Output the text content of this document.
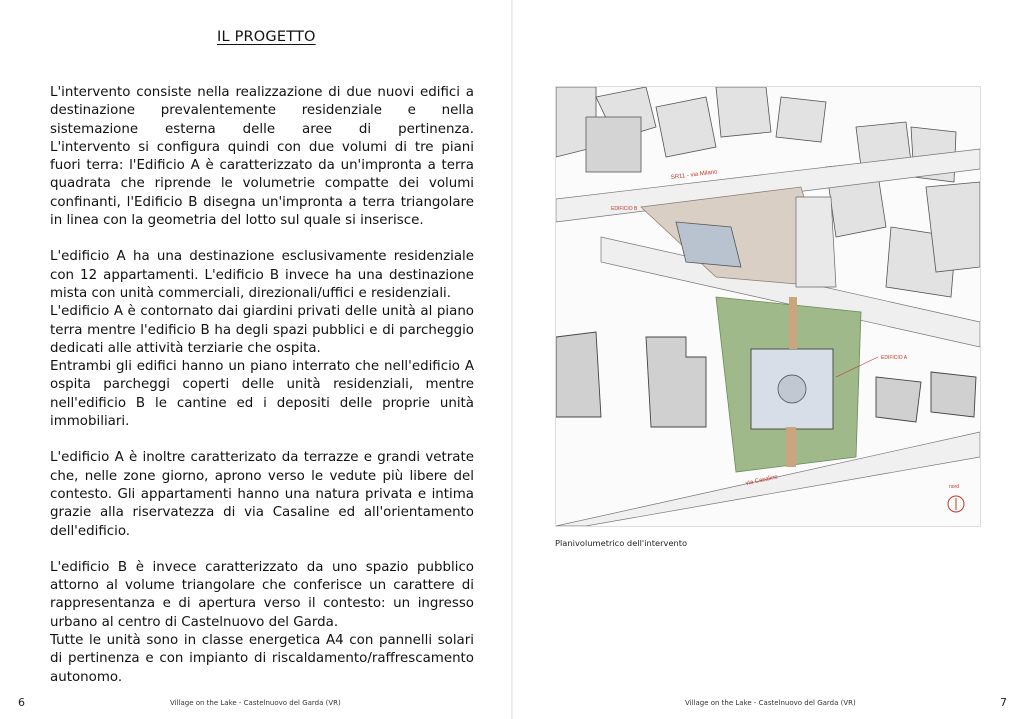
IL PROGETTO

L'intervento consiste nella realizzazione di due nuovi edifici a destinazione prevalentemente residenziale e nella sistemazione esterna delle aree di pertinenza.

L'intervento si configura quindi con due volumi di tre piani fuori terra: l'Edificio A è caratterizzato da un'impronta a terra quadrata che riprende le volumetrie compatte dei volumi confinanti, l'Edificio B disegna un'impronta a terra triangolare in linea con la geometria del lotto sul quale si inserisce.

L'edificio A ha una destinazione esclusivamente residenziale con 12 appartamenti. L'edificio B invece ha una destinazione mista con unità commerciali, direzionali/uffici e residenziali.

L'edificio A è contornato dai giardini privati delle unità al piano terra mentre l'edificio B ha degli spazi pubblici e di parcheggio dedicati alle attività terziarie che ospita.

Entrambi gli edifici hanno un piano interrato che nell'edificio A ospita parcheggi coperti delle unità residenziali, mentre nell'edificio B le cantine ed i depositi delle proprie unità immobiliari.

L'edificio A è inoltre caratterizato da terrazze e grandi vetrate che, nelle zone giorno, aprono verso le vedute più libere del contesto. Gli appartamenti hanno una natura privata e intima grazie alla riservatezza di via Casaline ed all'orientamento dell'edificio.

L'edificio B è invece caratterizzato da uno spazio pubblico attorno al volume triangolare che conferisce un carattere di rappresentanza e di apertura verso il contesto: un ingresso urbano al centro di Castelnuovo del Garda.

Tutte le unità sono in classe energetica A4 con pannelli solari di pertinenza e con impianto di riscaldamento/raffrescamento autonomo.

6	Village on the Lake - Castelnuovo del Garda (VR)
SR11 - via Milano
via Casaline
EDIFICIO B
EDIFICIO A
nord
Planivolumetrico dell'intervento
Village on the Lake - Castelnuovo del Garda (VR)	7
